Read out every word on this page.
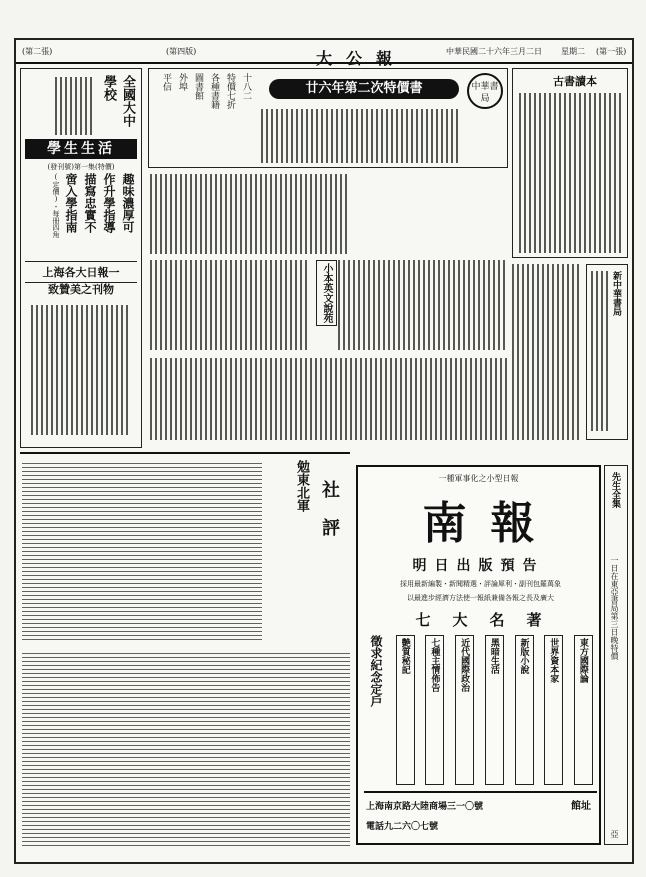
(第二張)	(第四版)	大公報	中華民國二十六年三月二日 星期二 (第一張)
全國大中學校
學生生活
(發刊號)第一集(特價)
趣味濃厚可
作升學指導
描寫忠實不
啻入學指南
(定價)・每冊四角
上海各大日報一
致贊美之刊物
中華書局
廿六年第二次特價書
十八二
特價七折
各種書籍
圖書館
外埠
平信	古書讀本
小本英文說苑	新中華書局
勉東北軍 社評
一種軍事化之小型日報
南報
明日出版預告
採用最新編製・新聞精選・評論犀利・副刊包羅萬象
以最進步經濟方法使一報紙兼備各報之長及廣大
七大名著
東方國際論
世界資本家
新版小說
黑暗生活
近代國際政治
七種主情佈告
艶質秘記
徵求紀念定戶
館址
上海南京路大陸商場三一〇號
電話九二六〇七號
先生全集
一日在東亞書局第三日晚特價
亞
